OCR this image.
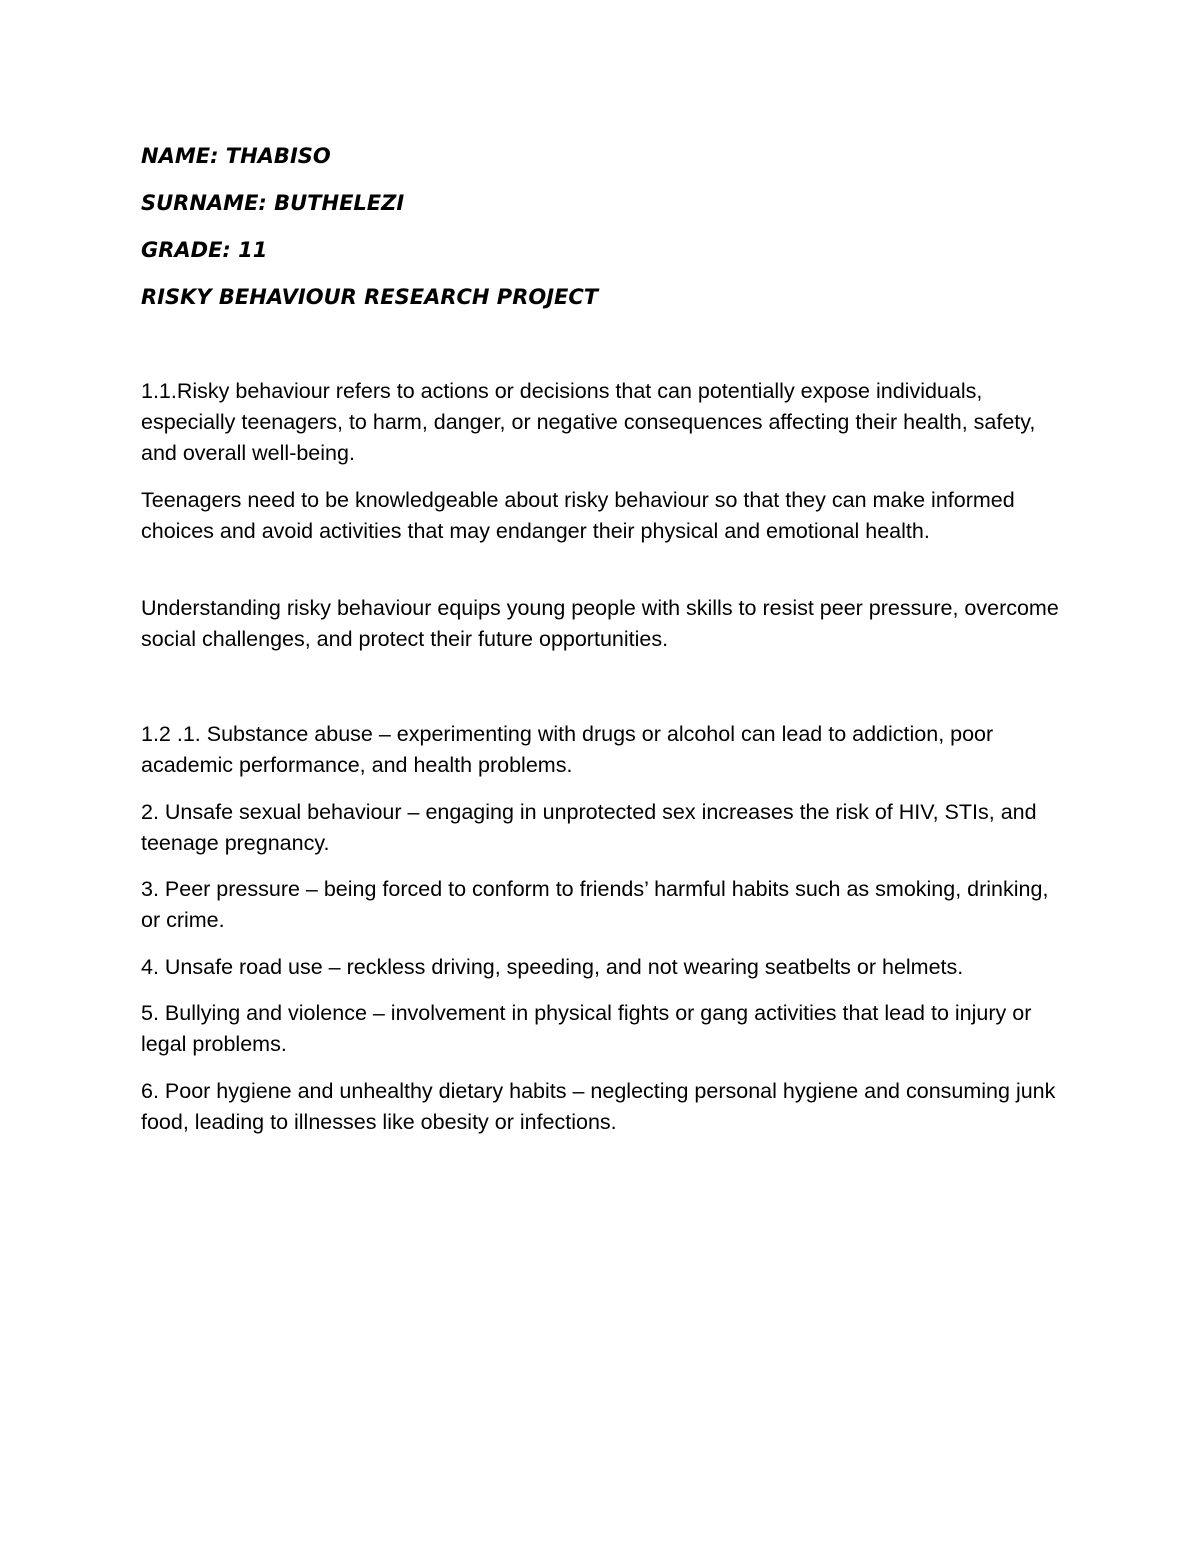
NAME: THABISO
SURNAME: BUTHELEZI
GRADE: 11
RISKY BEHAVIOUR RESEARCH PROJECT

1.1.Risky behaviour refers to actions or decisions that can potentially expose individuals, especially teenagers, to harm, danger, or negative consequences affecting their health, safety, and overall well-being.

Teenagers need to be knowledgeable about risky behaviour so that they can make informed choices and avoid activities that may endanger their physical and emotional health.

Understanding risky behaviour equips young people with skills to resist peer pressure, overcome social challenges, and protect their future opportunities.

1.2 .1. Substance abuse – experimenting with drugs or alcohol can lead to addiction, poor academic performance, and health problems.

2. Unsafe sexual behaviour – engaging in unprotected sex increases the risk of HIV, STIs, and teenage pregnancy.

3. Peer pressure – being forced to conform to friends’ harmful habits such as smoking, drinking, or crime.

4. Unsafe road use – reckless driving, speeding, and not wearing seatbelts or helmets.

5. Bullying and violence – involvement in physical fights or gang activities that lead to injury or legal problems.

6. Poor hygiene and unhealthy dietary habits – neglecting personal hygiene and consuming junk food, leading to illnesses like obesity or infections.
